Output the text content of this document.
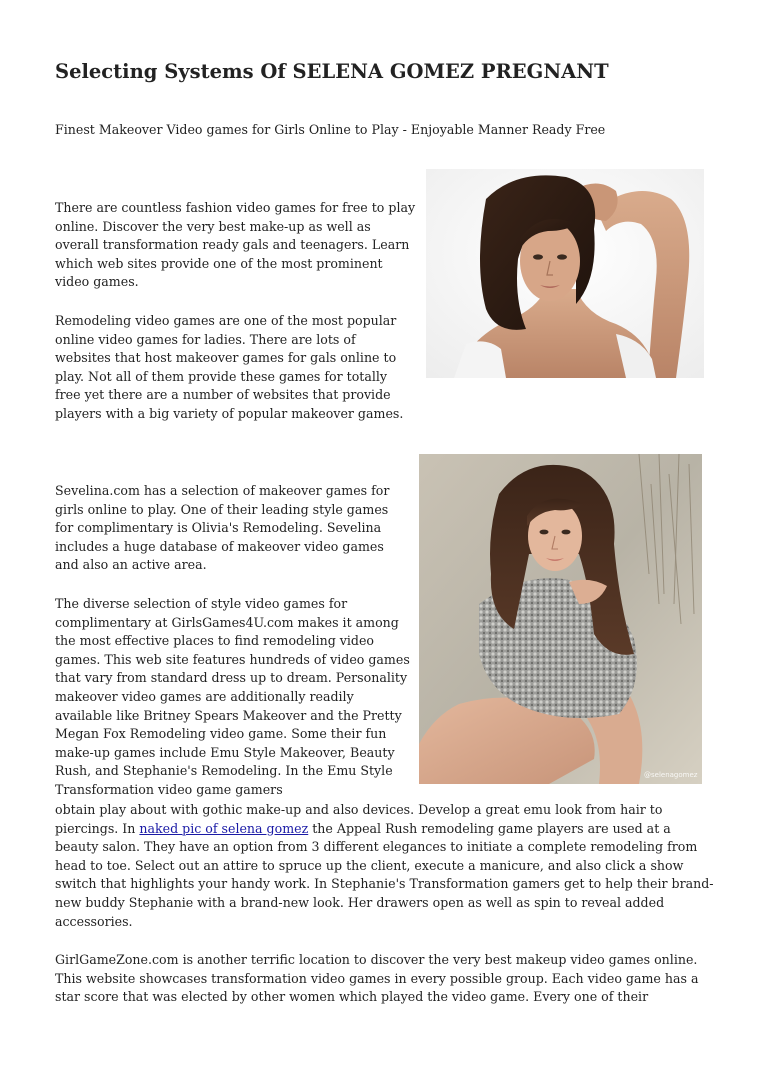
Selecting Systems Of SELENA GOMEZ PREGNANT

Finest Makeover Video games for Girls Online to Play - Enjoyable Manner Ready Free

There are countless fashion video games for free to play online. Discover the very best make-up as well as overall transformation ready gals and teenagers. Learn which web sites provide one of the most prominent video games.

Remodeling video games are one of the most popular online video games for ladies. There are lots of websites that host makeover games for gals online to play. Not all of them provide these games for totally free yet there are a number of websites that provide players with a big variety of popular makeover games.

@selenagomez

Sevelina.com has a selection of makeover games for girls online to play. One of their leading style games for complimentary is Olivia's Remodeling. Sevelina includes a huge database of makeover video games and also an active area.

The diverse selection of style video games for complimentary at GirlsGames4U.com makes it among the most effective places to find remodeling video games. This web site features hundreds of video games that vary from standard dress up to dream. Personality makeover video games are additionally readily available like Britney Spears Makeover and the Pretty Megan Fox Remodeling video game. Some their fun make-up games include Emu Style Makeover, Beauty Rush, and Stephanie's Remodeling. In the Emu Style Transformation video game gamers

obtain play about with gothic make-up and also devices. Develop a great emu look from hair to piercings. In naked pic of selena gomez the Appeal Rush remodeling game players are used at a beauty salon. They have an option from 3 different elegances to initiate a complete remodeling from head to toe. Select out an attire to spruce up the client, execute a manicure, and also click a show switch that highlights your handy work. In Stephanie's Transformation gamers get to help their brand-new buddy Stephanie with a brand-new look. Her drawers open as well as spin to reveal added accessories.

GirlGameZone.com is another terrific location to discover the very best makeup video games online. This website showcases transformation video games in every possible group. Each video game has a star score that was elected by other women which played the video game. Every one of their
